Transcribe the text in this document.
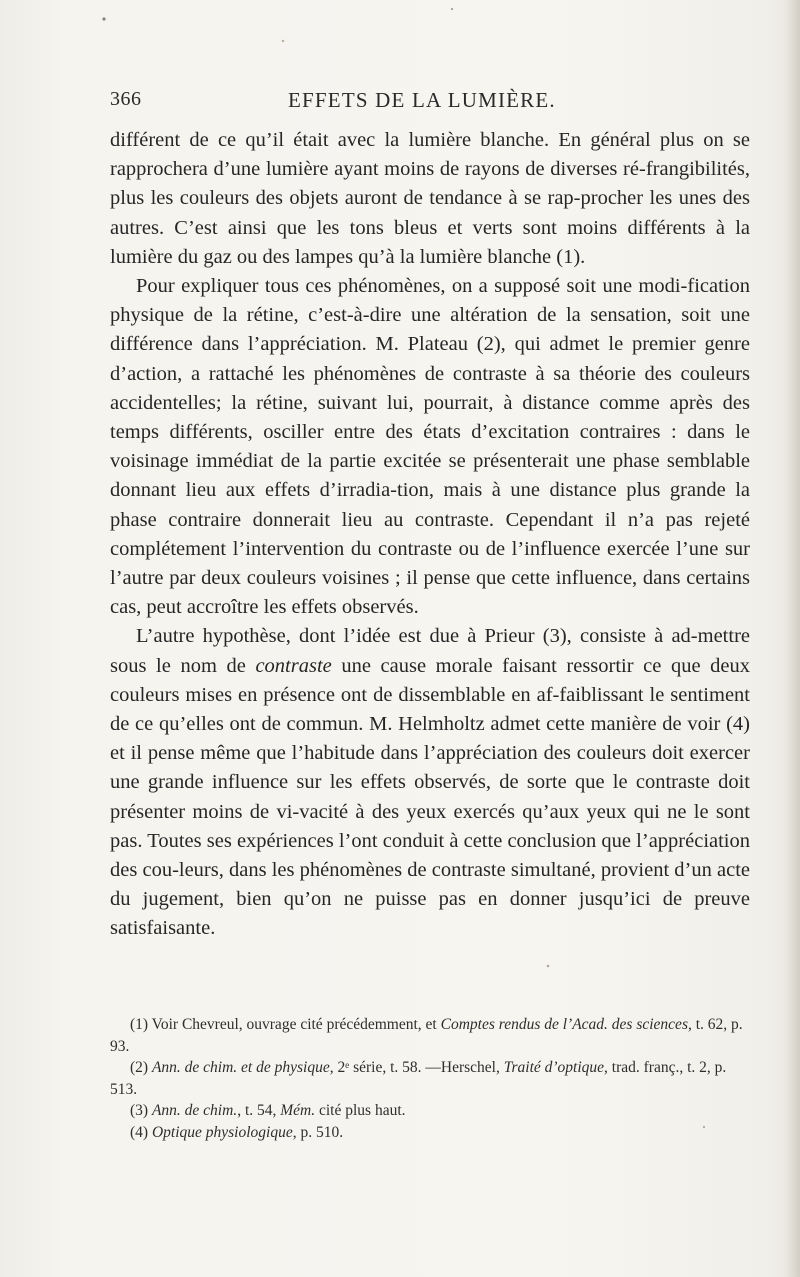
366	EFFETS DE LA LUMIÈRE.

différent de ce qu’il était avec la lumière blanche. En général plus on se rapprochera d’une lumière ayant moins de rayons de diverses ré-frangibilités, plus les couleurs des objets auront de tendance à se rap-procher les unes des autres. C’est ainsi que les tons bleus et verts sont moins différents à la lumière du gaz ou des lampes qu’à la lumière blanche (1).

Pour expliquer tous ces phénomènes, on a supposé soit une modi-fication physique de la rétine, c’est-à-dire une altération de la sensation, soit une différence dans l’appréciation. M. Plateau (2), qui admet le premier genre d’action, a rattaché les phénomènes de contraste à sa théorie des couleurs accidentelles; la rétine, suivant lui, pourrait, à distance comme après des temps différents, osciller entre des états d’excitation contraires : dans le voisinage immédiat de la partie excitée se présenterait une phase semblable donnant lieu aux effets d’irradia-tion, mais à une distance plus grande la phase contraire donnerait lieu au contraste. Cependant il n’a pas rejeté complétement l’intervention du contraste ou de l’influence exercée l’une sur l’autre par deux couleurs voisines ; il pense que cette influence, dans certains cas, peut accroître les effets observés.

L’autre hypothèse, dont l’idée est due à Prieur (3), consiste à ad-mettre sous le nom de contraste une cause morale faisant ressortir ce que deux couleurs mises en présence ont de dissemblable en af-faiblissant le sentiment de ce qu’elles ont de commun. M. Helmholtz admet cette manière de voir (4) et il pense même que l’habitude dans l’appréciation des couleurs doit exercer une grande influence sur les effets observés, de sorte que le contraste doit présenter moins de vi-vacité à des yeux exercés qu’aux yeux qui ne le sont pas. Toutes ses expériences l’ont conduit à cette conclusion que l’appréciation des cou-leurs, dans les phénomènes de contraste simultané, provient d’un acte du jugement, bien qu’on ne puisse pas en donner jusqu’ici de preuve satisfaisante.

(1) Voir Chevreul, ouvrage cité précédemment, et Comptes rendus de l’Acad. des sciences, t. 62, p. 93.

(2) Ann. de chim. et de physique, 2ᵉ série, t. 58. —Herschel, Traité d’optique, trad. franç., t. 2, p. 513.

(3) Ann. de chim., t. 54, Mém. cité plus haut.

(4) Optique physiologique, p. 510.
